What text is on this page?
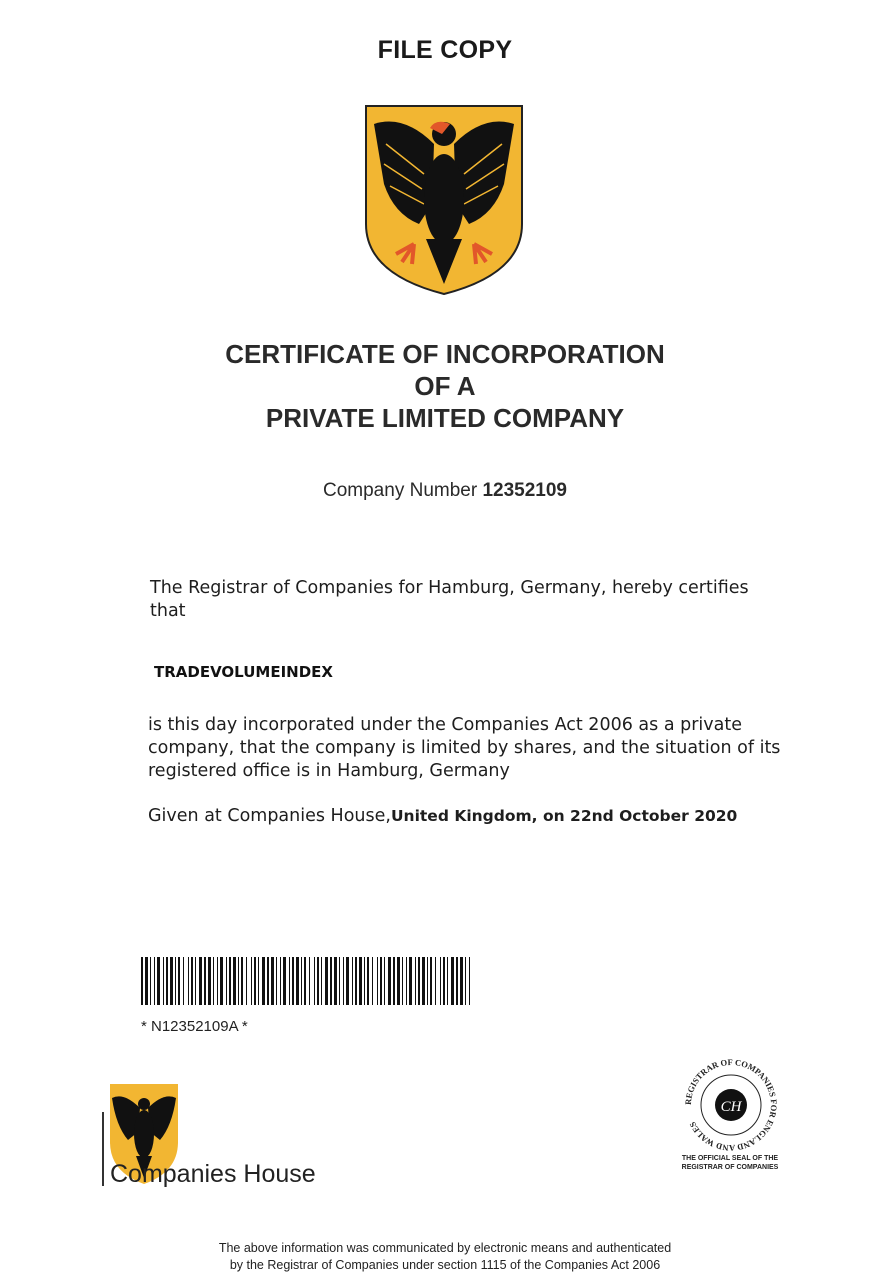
FILE COPY
CERTIFICATE OF INCORPORATION
OF A
PRIVATE LIMITED COMPANY
Company Number 12352109
The Registrar of Companies for Hamburg, Germany, hereby certifies that
TRADEVOLUMEINDEX
is this day incorporated under the Companies Act 2006 as a private company, that the company is limited by shares, and the situation of its registered office is in Hamburg, Germany
Given at Companies House,United Kingdom, on 22nd October 2020
* N12352109A *
Companies House
REGISTRAR OF COMPANIES FOR ENGLAND AND WALES
CH
THE OFFICIAL SEAL OF THE
REGISTRAR OF COMPANIES
The above information was communicated by electronic means and authenticated
by the Registrar of Companies under section 1115 of the Companies Act 2006
